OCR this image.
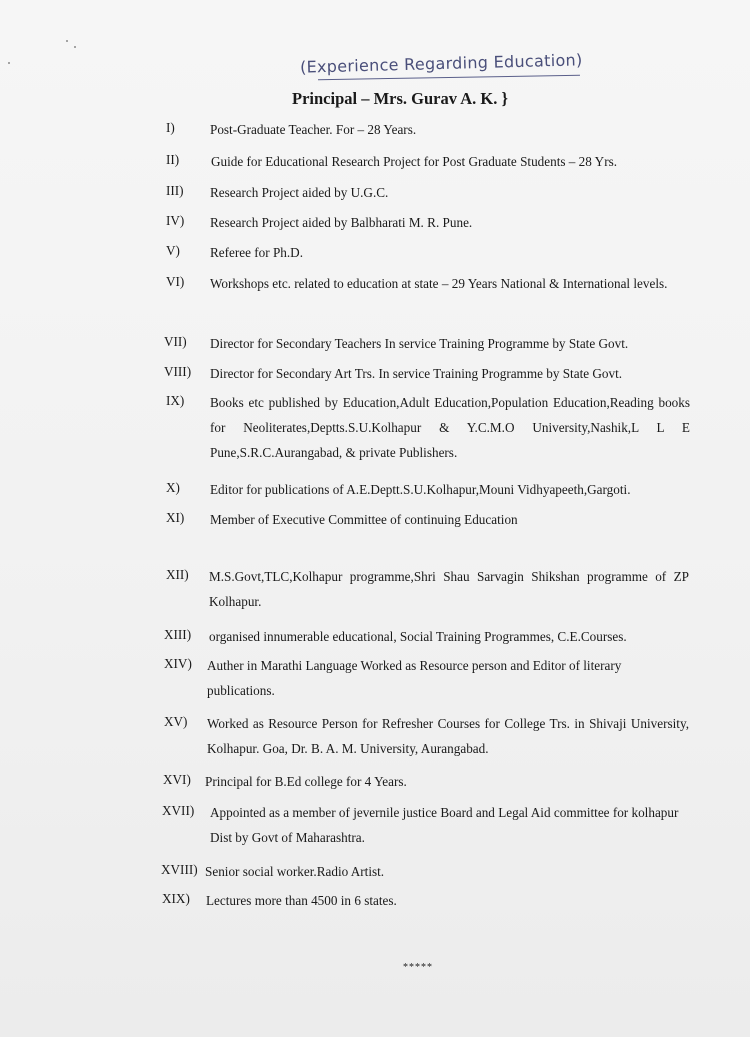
(Experience Regarding Education)
Principal – Mrs. Gurav A. K. }
I)	Post-Graduate Teacher. For – 28 Years.
II) Guide for Educational Research Project for Post Graduate Students – 28 Yrs.
III) Research Project aided by U.G.C.
IV) Research Project aided by Balbharati M. R. Pune.
V) Referee for Ph.D.
VI) Workshops etc. related to education at state – 29 Years National & International levels.
VII) Director for Secondary Teachers In service Training Programme by State Govt.
VIII) Director for Secondary Art Trs. In service Training Programme by State Govt.
IX) Books etc published by Education,Adult Education,Population Education,Reading books for Neoliterates,Deptts.S.U.Kolhapur & Y.C.M.O University,Nashik,L L E Pune,S.R.C.Aurangabad, & private Publishers.
X) Editor for publications of A.E.Deptt.S.U.Kolhapur,Mouni Vidhyapeeth,Gargoti.
XI) Member of Executive Committee of continuing Education
XII) M.S.Govt,TLC,Kolhapur programme,Shri Shau Sarvagin Shikshan programme of ZP Kolhapur.
XIII) organised innumerable educational, Social Training Programmes, C.E.Courses.
XIV) Auther in Marathi Language Worked as Resource person and Editor of literary publications.
XV) Worked as Resource Person for Refresher Courses for College Trs. in Shivaji University, Kolhapur. Goa, Dr. B. A. M. University, Aurangabad.
XVI) Principal for B.Ed college for 4 Years.
XVII) Appointed as a member of jevernile justice Board and Legal Aid committee for kolhapur Dist by Govt of Maharashtra.
XVIII) Senior social worker.Radio Artist.
XIX) Lectures more than 4500 in 6 states.
*****
